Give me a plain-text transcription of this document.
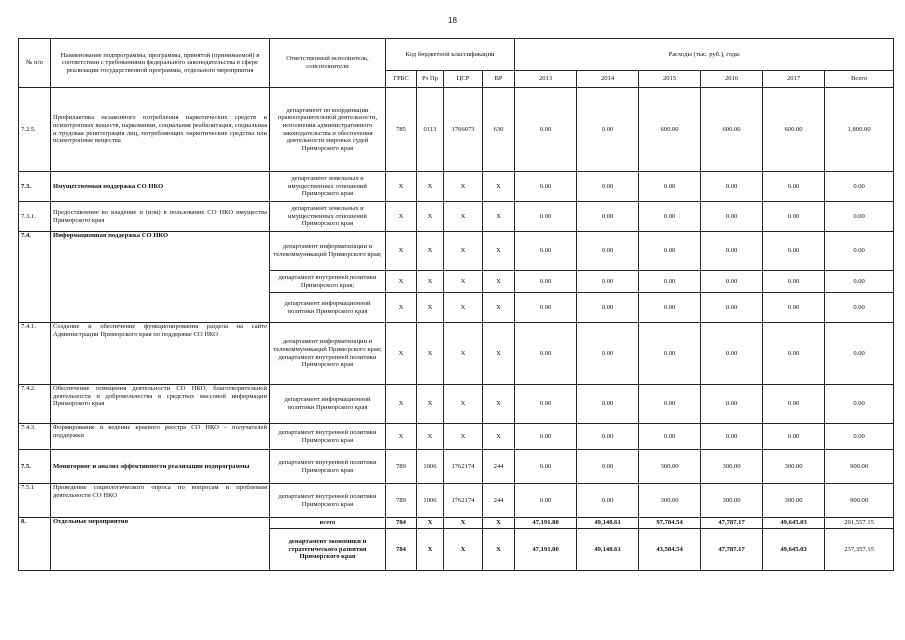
18
№ п/п	Наименование подпрограммы, программы, принятой (принимаемой) в соответствии с требованиями федерального законодательства в сфере реализации государственной программы, отдельного мероприятия	Ответственный исполнитель, соисполнители	Код бюджетной классификации				Расходы (тыс. руб.), годы					
			ГРБС	Рз Пр	ЦСР	ВР	2013	2014	2015	2016	2017	Всего
7.2.5.	Профилактика незаконного потребления наркотических средств и психотропных веществ, наркомании, социальная реабилитация, социальная и трудовая реинтеграция лиц, потребляющих наркотические средства или психотропные вещества	департамент по координации правоохранительной деятельности, исполнения административного законодательства и обеспечения деятельности мировых судей Приморского края	785	0113	1766073	630	0.00	0.00	600.00	600.00	600.00	1,800.00
7.3.	Имущественная поддержка СО НКО	департамент земельных и имущественных отношений Приморского края	X	X	X	X	0.00	0.00	0.00	0.00	0.00	0.00
7.3.1.	Предоставление во владение и (или) в пользование СО НКО имущества Приморского края	департамент земельных и имущественных отношений Приморского края	X	X	X	X	0.00	0.00	0.00	0.00	0.00	0.00
7.4.	Информационная поддержка СО НКО	департамент информатизации и телекоммуникаций Приморского края;	X	X	X	X	0.00	0.00	0.00	0.00	0.00	0.00
		департамент внутренней политики Приморского края;	X	X	X	X	0.00	0.00	0.00	0.00	0.00	0.00
		департамент информационной политики Приморского края	X	X	X	X	0.00	0.00	0.00	0.00	0.00	0.00
7.4.1.	Создание и обеспечение функционирования раздела на сайте Администрации Приморского края по поддержке СО НКО	департамент информатизации и телекоммуникаций Приморского края; департамент внутренней политики Приморского края	X	X	X	X	0.00	0.00	0.00	0.00	0.00	0.00
7.4.2.	Обеспечение освещения деятельности СО НКО, благотворительной деятельности и добровольчества в средствах массовой информации Приморского края	департамент информационной политики Приморского края	X	X	X	X	0.00	0.00	0.00	0.00	0.00	0.00
7.4.3.	Формирование и ведение краевого реестра СО НКО – получателей поддержки	департамент внутренней политики Приморского края	X	X	X	X	0.00	0.00	0.00	0.00	0.00	0.00
7.5.	Мониторинг и анализ эффективности реализации подпрограммы	департамент внутренней политики Приморского края	789	1006	1762174	244	0.00	0.00	300.00	300.00	300.00	900.00
7.5.1	Проведение социологического опроса по вопросам и проблемам деятельности СО НКО	департамент внутренней политики Приморского края	789	1006	1762174	244	0.00	0.00	300.00	300.00	300.00	900.00
8.	Отдельные мероприятия	всего	784	X	X	X	47,191.80	49,148.61	97,784.54	47,787.17	49,645.03	291,557.15
		департамент экономики и стратегического развития Приморского края	784	X	X	X	47,191.80	49,148.61	43,584.54	47,787.17	49,645.03	237,357.15
